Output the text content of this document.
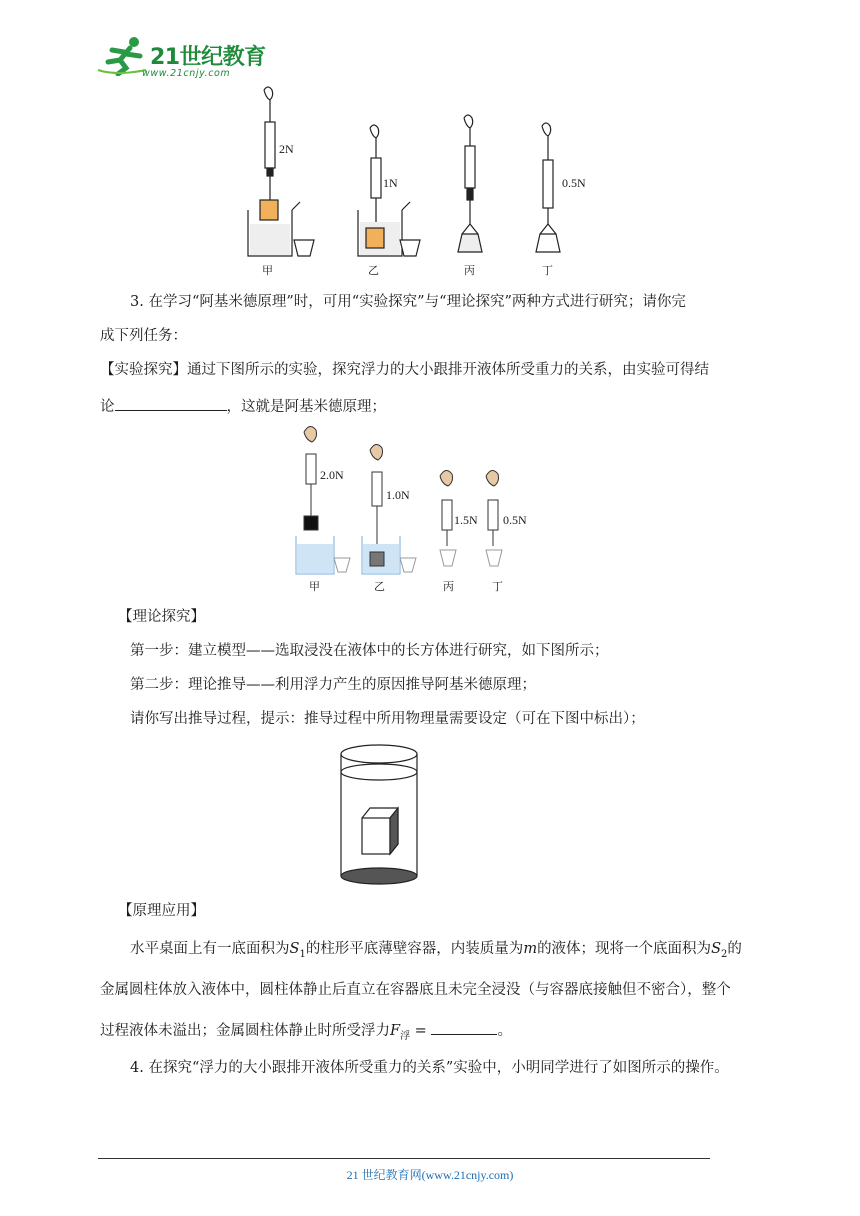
21世纪教育
www.21cnjy.com
2N
1N	0.5N
甲	乙	丙	丁
3. 在学习“阿基米德原理”时，可用“实验探究”与“理论探究”两种方式进行研究；请你完
成下列任务：
【实验探究】通过下图所示的实验，探究浮力的大小跟排开液体所受重力的关系，由实验可得结
论	，这就是阿基米德原理；
2.0N
1.0N
1.5N 0.5N
甲	乙	丙	丁
【理论探究】
第一步：建立模型——选取浸没在液体中的长方体进行研究，如下图所示；
第二步：理论推导——利用浮力产生的原因推导阿基米德原理；
请你写出推导过程，提示：推导过程中所用物理量需要设定（可在下图中标出）；
【原理应用】
水平桌面上有一底面积为$S_1$的柱形平底薄壁容器，内装质量为m的液体；现将一个底面积为$S_2$的
金属圆柱体放入液体中，圆柱体静止后直立在容器底且未完全浸没（与容器底接触但不密合），整个
过程液体未溢出；金属圆柱体静止时所受浮力$F_浮$ =	。
4. 在探究“浮力的大小跟排开液体所受重力的关系”实验中，小明同学进行了如图所示的操作。
21 世纪教育网(www.21cnjy.com)
